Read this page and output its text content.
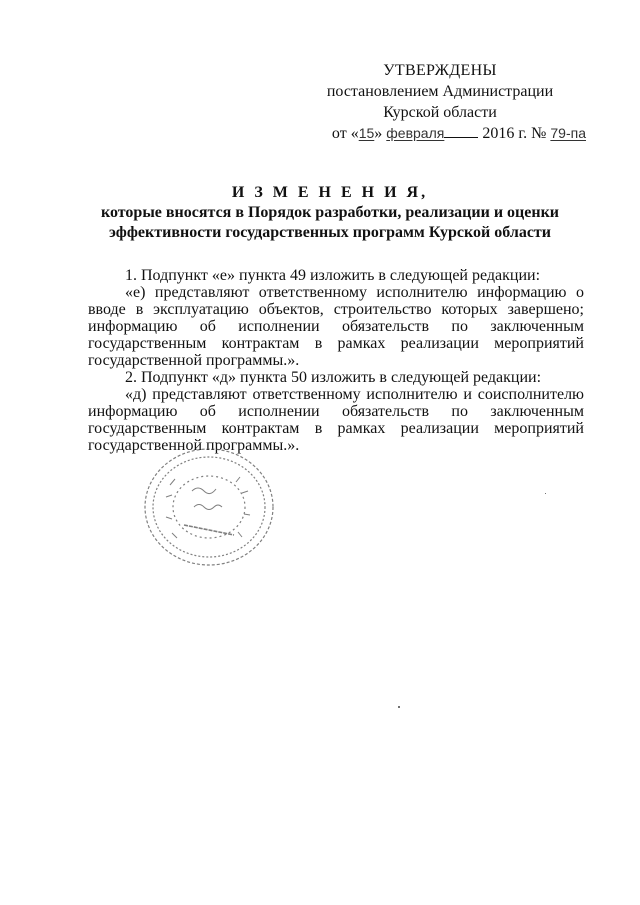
УТВЕРЖДЕНЫ
постановлением Администрации
Курской области
от «15» февраля 2016 г. № 79-па
И З М Е Н Е Н И Я,
которые вносятся в Порядок разработки, реализации и оценки
эффективности государственных программ Курской области

1. Подпункт «е» пункта 49 изложить в следующей редакции:

«е) представляют ответственному исполнителю информацию о вводе в эксплуатацию объектов, строительство которых завершено; информацию об исполнении обязательств по заключенным государственным контрактам в рамках реализации мероприятий государственной программы.».

2. Подпункт «д» пункта 50 изложить в следующей редакции:

«д) представляют ответственному исполнителю и соисполнителю информацию об исполнении обязательств по заключенным государственным контрактам в рамках реализации мероприятий государственной программы.».
